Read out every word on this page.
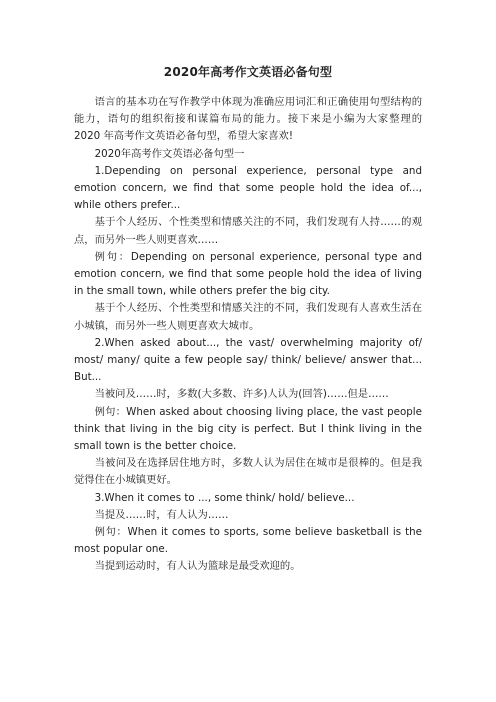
2020年高考作文英语必备句型

语言的基本功在写作教学中体现为准确应用词汇和正确使用句型结构的能力，语句的组织衔接和谋篇布局的能力。接下来是小编为大家整理的 2020 年高考作文英语必备句型，希望大家喜欢!

2020年高考作文英语必备句型一

1.Depending on personal experience, personal type and emotion concern, we find that some people hold the idea of..., while others prefer...

基于个人经历、个性类型和情感关注的不同，我们发现有人持……的观点，而另外一些人则更喜欢……

例句：Depending on personal experience, personal type and emotion concern, we find that some people hold the idea of living in the small town, while others prefer the big city.

基于个人经历、个性类型和情感关注的不同，我们发现有人喜欢生活在小城镇，而另外一些人则更喜欢大城市。

2.When asked about..., the vast/ overwhelming majority of/ most/ many/ quite a few people say/ think/ believe/ answer that... But...

当被问及……时，多数(大多数、许多)人认为(回答)……但是……

例句：When asked about choosing living place, the vast people think that living in the big city is perfect. But I think living in the small town is the better choice.

当被问及在选择居住地方时，多数人认为居住在城市是很棒的。但是我觉得住在小城镇更好。

3.When it comes to ..., some think/ hold/ believe...

当提及……时，有人认为……

例句：When it comes to sports, some believe basketball is the most popular one.

当提到运动时，有人认为篮球是最受欢迎的。
